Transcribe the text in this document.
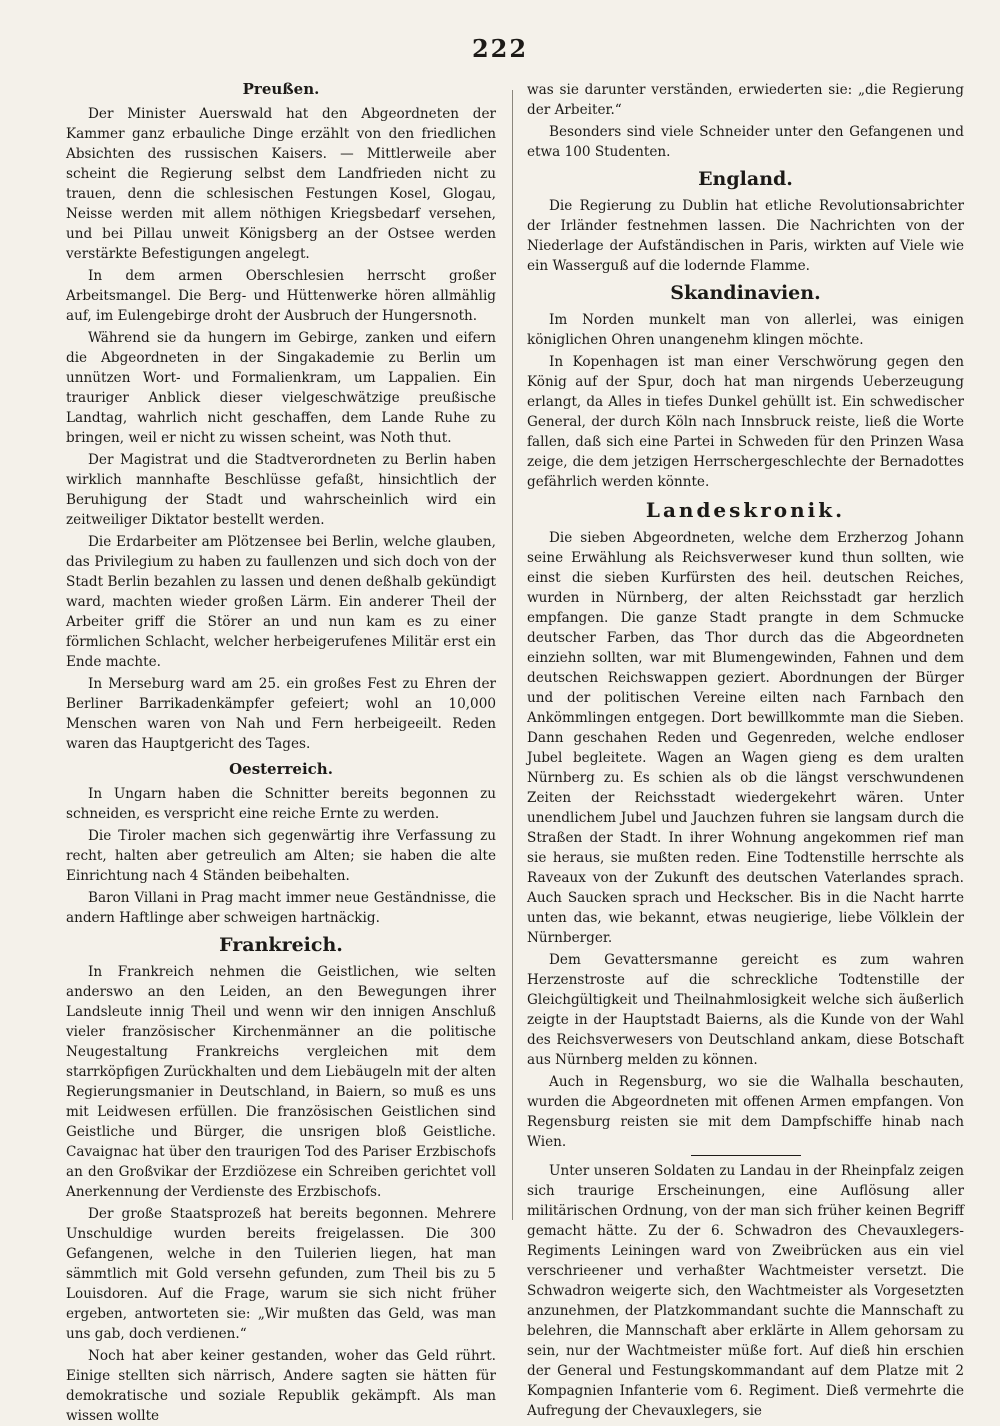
222
Preußen.

Der Minister Auerswald hat den Abgeordneten der Kammer ganz erbauliche Dinge erzählt von den friedlichen Absichten des russischen Kaisers. — Mittlerweile aber scheint die Regierung selbst dem Landfrieden nicht zu trauen, denn die schlesischen Festungen Kosel, Glogau, Neisse werden mit allem nöthigen Kriegsbedarf versehen, und bei Pillau unweit Königsberg an der Ostsee werden verstärkte Befestigungen angelegt.

In dem armen Oberschlesien herrscht großer Arbeitsmangel. Die Berg- und Hüttenwerke hören allmählig auf, im Eulengebirge droht der Ausbruch der Hungersnoth.

Während sie da hungern im Gebirge, zanken und eifern die Abgeordneten in der Singakademie zu Berlin um unnützen Wort- und Formalienkram, um Lappalien. Ein trauriger Anblick dieser vielgeschwätzige preußische Landtag, wahrlich nicht geschaffen, dem Lande Ruhe zu bringen, weil er nicht zu wissen scheint, was Noth thut.

Der Magistrat und die Stadtverordneten zu Berlin haben wirklich mannhafte Beschlüsse gefaßt, hinsichtlich der Beruhigung der Stadt und wahrscheinlich wird ein zeitweiliger Diktator bestellt werden.

Die Erdarbeiter am Plötzensee bei Berlin, welche glauben, das Privilegium zu haben zu faullenzen und sich doch von der Stadt Berlin bezahlen zu lassen und denen deßhalb gekündigt ward, machten wieder großen Lärm. Ein anderer Theil der Arbeiter griff die Störer an und nun kam es zu einer förmlichen Schlacht, welcher herbeigerufenes Militär erst ein Ende machte.

In Merseburg ward am 25. ein großes Fest zu Ehren der Berliner Barrikadenkämpfer gefeiert; wohl an 10,000 Menschen waren von Nah und Fern herbeigeeilt. Reden waren das Hauptgericht des Tages.

Oesterreich.

In Ungarn haben die Schnitter bereits begonnen zu schneiden, es verspricht eine reiche Ernte zu werden.

Die Tiroler machen sich gegenwärtig ihre Verfassung zu recht, halten aber getreulich am Alten; sie haben die alte Einrichtung nach 4 Ständen beibehalten.

Baron Villani in Prag macht immer neue Geständnisse, die andern Haftlinge aber schweigen hartnäckig.

Frankreich.

In Frankreich nehmen die Geistlichen, wie selten anderswo an den Leiden, an den Bewegungen ihrer Landsleute innig Theil und wenn wir den innigen Anschluß vieler französischer Kirchenmänner an die politische Neugestaltung Frankreichs vergleichen mit dem starrköpfigen Zurückhalten und dem Liebäugeln mit der alten Regierungsmanier in Deutschland, in Baiern, so muß es uns mit Leidwesen erfüllen. Die französischen Geistlichen sind Geistliche und Bürger, die unsrigen bloß Geistliche. Cavaignac hat über den traurigen Tod des Pariser Erzbischofs an den Großvikar der Erzdiözese ein Schreiben gerichtet voll Anerkennung der Verdienste des Erzbischofs.

Der große Staatsprozeß hat bereits begonnen. Mehrere Unschuldige wurden bereits freigelassen. Die 300 Gefangenen, welche in den Tuilerien liegen, hat man sämmtlich mit Gold versehn gefunden, zum Theil bis zu 5 Louisdoren. Auf die Frage, warum sie sich nicht früher ergeben, antworteten sie: „Wir mußten das Geld, was man uns gab, doch verdienen.“

Noch hat aber keiner gestanden, woher das Geld rührt. Einige stellten sich närrisch, Andere sagten sie hätten für demokratische und soziale Republik gekämpft. Als man wissen wollte

was sie darunter verständen, erwiederten sie: „die Regierung der Arbeiter.“

Besonders sind viele Schneider unter den Gefangenen und etwa 100 Studenten.

England.

Die Regierung zu Dublin hat etliche Revolutionsabrichter der Irländer festnehmen lassen. Die Nachrichten von der Niederlage der Aufständischen in Paris, wirkten auf Viele wie ein Wasserguß auf die lodernde Flamme.

Skandinavien.

Im Norden munkelt man von allerlei, was einigen königlichen Ohren unangenehm klingen möchte.

In Kopenhagen ist man einer Verschwörung gegen den König auf der Spur, doch hat man nirgends Ueberzeugung erlangt, da Alles in tiefes Dunkel gehüllt ist. Ein schwedischer General, der durch Köln nach Innsbruck reiste, ließ die Worte fallen, daß sich eine Partei in Schweden für den Prinzen Wasa zeige, die dem jetzigen Herrschergeschlechte der Bernadottes gefährlich werden könnte.

Landeskronik.

Die sieben Abgeordneten, welche dem Erzherzog Johann seine Erwählung als Reichsverweser kund thun sollten, wie einst die sieben Kurfürsten des heil. deutschen Reiches, wurden in Nürnberg, der alten Reichsstadt gar herzlich empfangen. Die ganze Stadt prangte in dem Schmucke deutscher Farben, das Thor durch das die Abgeordneten einziehn sollten, war mit Blumengewinden, Fahnen und dem deutschen Reichswappen geziert. Abordnungen der Bürger und der politischen Vereine eilten nach Farnbach den Ankömmlingen entgegen. Dort bewillkommte man die Sieben. Dann geschahen Reden und Gegenreden, welche endloser Jubel begleitete. Wagen an Wagen gieng es dem uralten Nürnberg zu. Es schien als ob die längst verschwundenen Zeiten der Reichsstadt wiedergekehrt wären. Unter unendlichem Jubel und Jauchzen fuhren sie langsam durch die Straßen der Stadt. In ihrer Wohnung angekommen rief man sie heraus, sie mußten reden. Eine Todtenstille herrschte als Raveaux von der Zukunft des deutschen Vaterlandes sprach. Auch Saucken sprach und Heckscher. Bis in die Nacht harrte unten das, wie bekannt, etwas neugierige, liebe Völklein der Nürnberger.

Dem Gevattersmanne gereicht es zum wahren Herzenstroste auf die schreckliche Todtenstille der Gleichgültigkeit und Theilnahmlosigkeit welche sich äußerlich zeigte in der Hauptstadt Baierns, als die Kunde von der Wahl des Reichsverwesers von Deutschland ankam, diese Botschaft aus Nürnberg melden zu können.

Auch in Regensburg, wo sie die Walhalla beschauten, wurden die Abgeordneten mit offenen Armen empfangen. Von Regensburg reisten sie mit dem Dampfschiffe hinab nach Wien.

Unter unseren Soldaten zu Landau in der Rheinpfalz zeigen sich traurige Erscheinungen, eine Auflösung aller militärischen Ordnung, von der man sich früher keinen Begriff gemacht hätte. Zu der 6. Schwadron des Chevauxlegers-Regiments Leiningen ward von Zweibrücken aus ein viel verschrieener und verhaßter Wachtmeister versetzt. Die Schwadron weigerte sich, den Wachtmeister als Vorgesetzten anzunehmen, der Platzkommandant suchte die Mannschaft zu belehren, die Mannschaft aber erklärte in Allem gehorsam zu sein, nur der Wachtmeister müße fort. Auf dieß hin erschien der General und Festungskommandant auf dem Platze mit 2 Kompagnien Infanterie vom 6. Regiment. Dieß vermehrte die Aufregung der Chevauxlegers, sie
